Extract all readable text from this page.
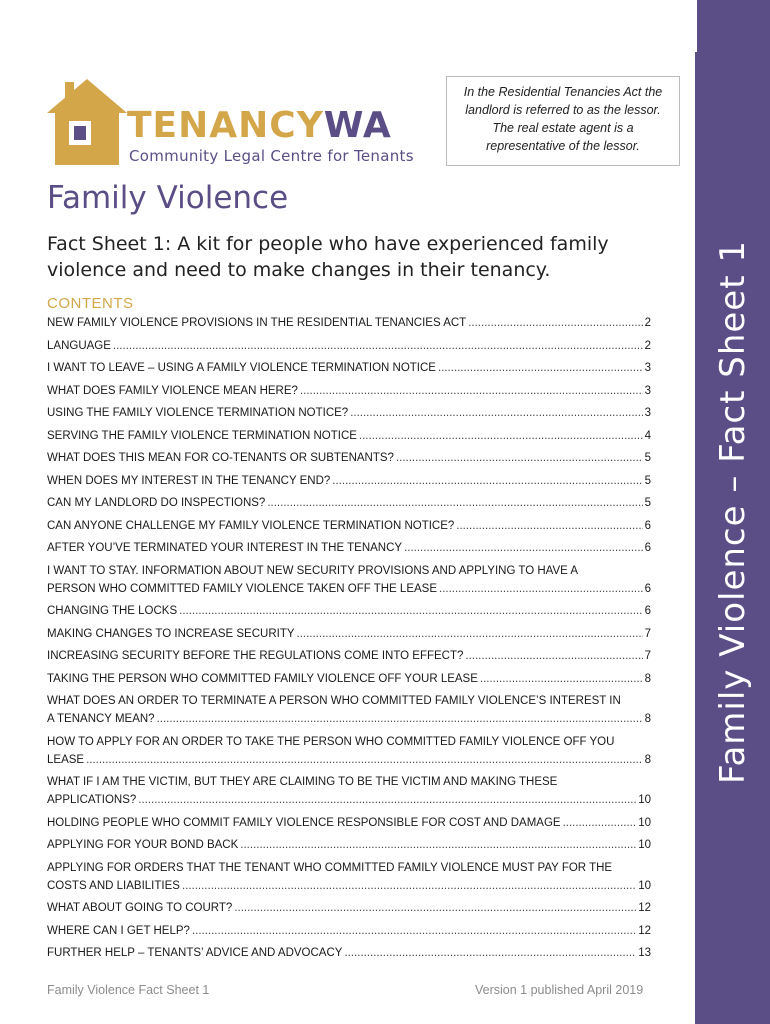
Family Violence – Fact Sheet 1
TENANCYWA
Community Legal Centre for Tenants
In the Residential Tenancies Act the landlord is referred to as the lessor. The real estate agent is a representative of the lessor.
Family Violence
Fact Sheet 1: A kit for people who have experienced family violence and need to make changes in their tenancy.
CONTENTS
NEW FAMILY VIOLENCE PROVISIONS IN THE RESIDENTIAL TENANCIES ACT .....	2
LANGUAGE .....	2
I WANT TO LEAVE – USING A FAMILY VIOLENCE TERMINATION NOTICE .....	3
WHAT DOES FAMILY VIOLENCE MEAN HERE? .....	3
USING THE FAMILY VIOLENCE TERMINATION NOTICE? .....	3
SERVING THE FAMILY VIOLENCE TERMINATION NOTICE .....	4
WHAT DOES THIS MEAN FOR CO-TENANTS OR SUBTENANTS? .....	5
WHEN DOES MY INTEREST IN THE TENANCY END? .....	5
CAN MY LANDLORD DO INSPECTIONS? .....	5
CAN ANYONE CHALLENGE MY FAMILY VIOLENCE TERMINATION NOTICE? .....	6
AFTER YOU’VE TERMINATED YOUR INTEREST IN THE TENANCY .....	6
I WANT TO STAY. INFORMATION ABOUT NEW SECURITY PROVISIONS AND APPLYING TO HAVE A
PERSON WHO COMMITTED FAMILY VIOLENCE TAKEN OFF THE LEASE .....	6
CHANGING THE LOCKS .....	6
MAKING CHANGES TO INCREASE SECURITY .....	7
INCREASING SECURITY BEFORE THE REGULATIONS COME INTO EFFECT? .....	7
TAKING THE PERSON WHO COMMITTED FAMILY VIOLENCE OFF YOUR LEASE .....	8
WHAT DOES AN ORDER TO TERMINATE A PERSON WHO COMMITTED FAMILY VIOLENCE’S INTEREST IN
A TENANCY MEAN? .....	8
HOW TO APPLY FOR AN ORDER TO TAKE THE PERSON WHO COMMITTED FAMILY VIOLENCE OFF YOU
LEASE .....	8
WHAT IF I AM THE VICTIM, BUT THEY ARE CLAIMING TO BE THE VICTIM AND MAKING THESE
APPLICATIONS? .....	10
HOLDING PEOPLE WHO COMMIT FAMILY VIOLENCE RESPONSIBLE FOR COST AND DAMAGE .....	10
APPLYING FOR YOUR BOND BACK .....	10
APPLYING FOR ORDERS THAT THE TENANT WHO COMMITTED FAMILY VIOLENCE MUST PAY FOR THE
COSTS AND LIABILITIES .....	10
WHAT ABOUT GOING TO COURT? .....	12
WHERE CAN I GET HELP? .....	12
FURTHER HELP – TENANTS’ ADVICE AND ADVOCACY .....	13
Family Violence Fact Sheet 1	Version 1 published April 2019
